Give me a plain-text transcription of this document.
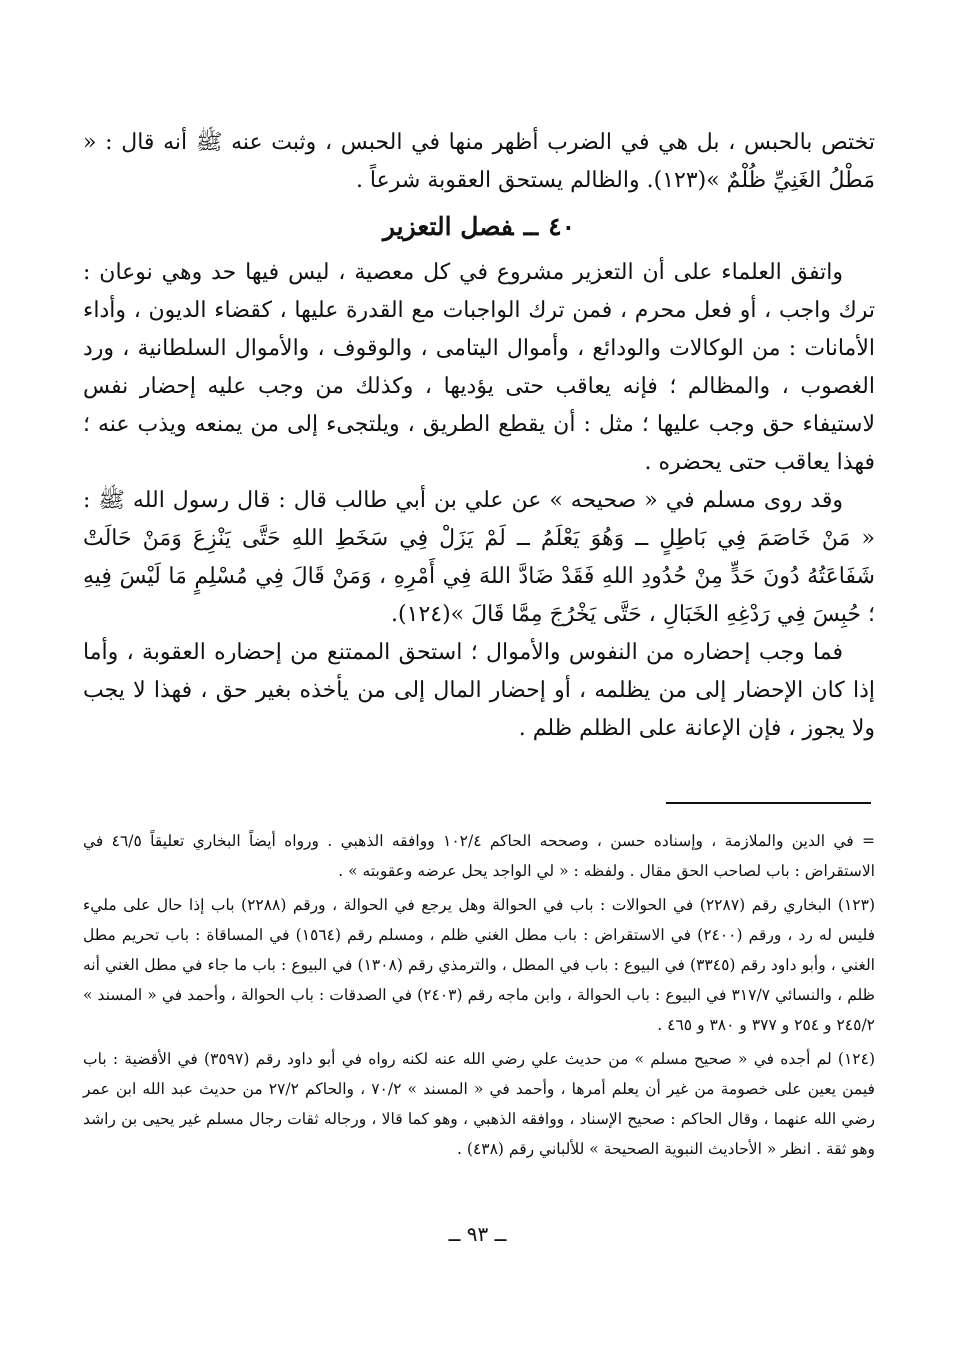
تختص بالحبس ، بل هي في الضرب أظهر منها في الحبس ، وثبت عنه ﷺ أنه قال : « مَطْلُ الغَنِيِّ ظُلْمٌ »(١٢٣). والظالم يستحق العقوبة شرعاً .

٤٠ــفصل التعزير

واتفق العلماء على أن التعزير مشروع في كل معصية ، ليس فيها حد وهي نوعان : ترك واجب ، أو فعل محرم ، فمن ترك الواجبات مع القدرة عليها ، كقضاء الديون ، وأداء الأمانات : من الوكالات والودائع ، وأموال اليتامى ، والوقوف ، والأموال السلطانية ، ورد الغصوب ، والمظالم ؛ فإنه يعاقب حتى يؤديها ، وكذلك من وجب عليه إحضار نفس لاستيفاء حق وجب عليها ؛ مثل : أن يقطع الطريق ، ويلتجىء إلى من يمنعه ويذب عنه ؛ فهذا يعاقب حتى يحضره .

وقد روى مسلم في « صحيحه » عن علي بن أبي طالب قال : قال رسول الله ﷺ : « مَنْ خَاصَمَ فِي بَاطِلٍ ــ وَهُوَ يَعْلَمُ ــ لَمْ يَزَلْ فِي سَخَطِ اللهِ حَتَّى يَنْزِعَ وَمَنْ حَالَتْ شَفَاعَتُهُ دُونَ حَدٍّ مِنْ حُدُودِ اللهِ فَقَدْ ضَادَّ اللهَ فِي أَمْرِهِ ، وَمَنْ قَالَ فِي مُسْلِمٍ مَا لَيْسَ فِيهِ ؛ حُبِسَ فِي رَدْغِهِ الخَبَالِ ، حَتَّى يَخْرُجَ مِمَّا قَالَ »(١٢٤).

فما وجب إحضاره من النفوس والأموال ؛ استحق الممتنع من إحضاره العقوبة ، وأما إذا كان الإحضار إلى من يظلمه ، أو إحضار المال إلى من يأخذه بغير حق ، فهذا لا يجب ولا يجوز ، فإن الإعانة على الظلم ظلم .

= في الدين والملازمة ، وإسناده حسن ، وصححه الحاكم ١٠٢/٤ ووافقه الذهبي . ورواه أيضاً البخاري تعليقاً ٤٦/٥ في الاستقراض : باب لصاحب الحق مقال . ولفظه : « لي الواجد يحل عرضه وعقوبته » .

(١٢٣) البخاري رقم (٢٢٨٧) في الحوالات : باب في الحوالة وهل يرجع في الحوالة ، ورقم (٢٢٨٨) باب إذا حال على مليء فليس له رد ، ورقم (٢٤٠٠) في الاستقراض : باب مطل الغني ظلم ، ومسلم رقم (١٥٦٤) في المساقاة : باب تحريم مطل الغني ، وأبو داود رقم (٣٣٤٥) في البيوع : باب في المطل ، والترمذي رقم (١٣٠٨) في البيوع : باب ما جاء في مطل الغني أنه ظلم ، والنسائي ٣١٧/٧ في البيوع : باب الحوالة ، وابن ماجه رقم (٢٤٠٣) في الصدقات : باب الحوالة ، وأحمد في « المسند » ٢٤٥/٢ و ٢٥٤ و ٣٧٧ و ٣٨٠ و ٤٦٥ .

(١٢٤) لم أجده في « صحيح مسلم » من حديث علي رضي الله عنه لكنه رواه في أبو داود رقم (٣٥٩٧) في الأقضية : باب فيمن يعين على خصومة من غير أن يعلم أمرها ، وأحمد في « المسند » ٧٠/٢ ، والحاكم ٢٧/٢ من حديث عبد الله ابن عمر رضي الله عنهما ، وقال الحاكم : صحيح الإسناد ، ووافقه الذهبي ، وهو كما قالا ، ورجاله ثقات رجال مسلم غير يحيى بن راشد وهو ثقة . انظر « الأحاديث النبوية الصحيحة » للألباني رقم (٤٣٨) .

ــ ٩٣ ــ
